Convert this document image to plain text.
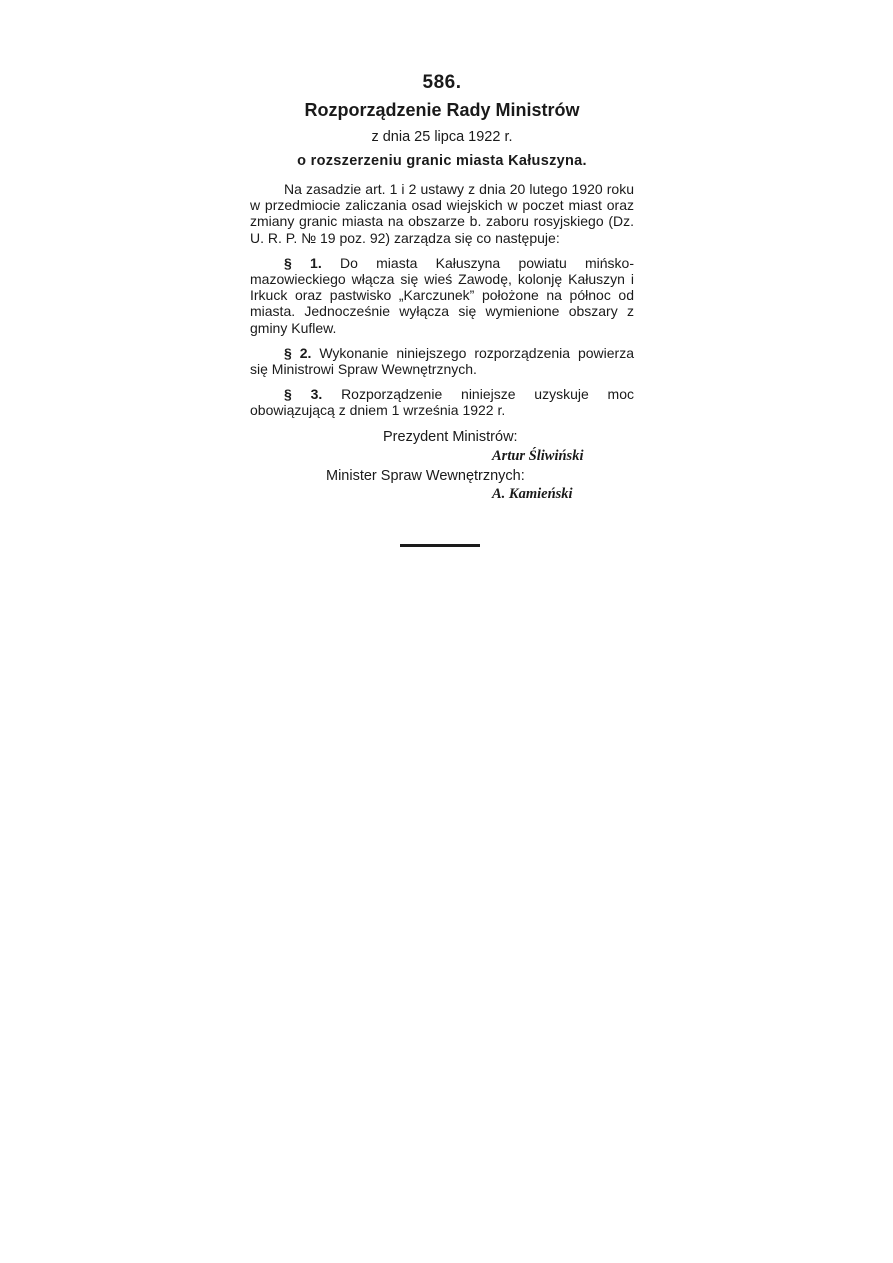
586.
Rozporządzenie Rady Ministrów
z dnia 25 lipca 1922 r.
o rozszerzeniu granic miasta Kałuszyna.

Na zasadzie art. 1 i 2 ustawy z dnia 20 lutego 1920 roku w przedmiocie zaliczania osad wiejskich w poczet miast oraz zmiany granic miasta na obszarze b. zaboru rosyjskiego (Dz. U. R. P. № 19 poz. 92) zarządza się co następuje:

§ 1. Do miasta Kałuszyna powiatu mińsko-mazowieckiego włącza się wieś Zawodę, kolonję Kałuszyn i Irkuck oraz pastwisko „Karczunek” położone na północ od miasta. Jednocześnie wyłącza się wymienione obszary z gminy Kuflew.

§ 2. Wykonanie niniejszego rozporządzenia powierza się Ministrowi Spraw Wewnętrznych.

§ 3. Rozporządzenie niniejsze uzyskuje moc obowiązującą z dniem 1 września 1922 r.

Prezydent Ministrów:
Artur Śliwiński
Minister Spraw Wewnętrznych:
A. Kamieński
